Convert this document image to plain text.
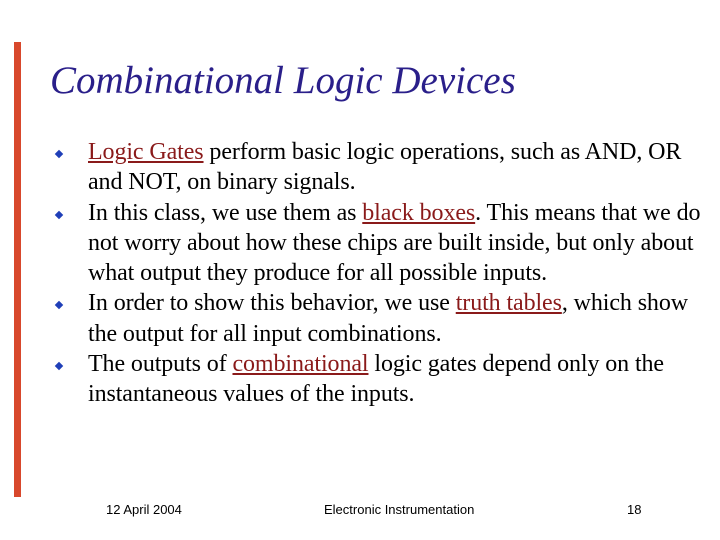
Combinational Logic Devices
Logic Gates perform basic logic operations, such as AND, OR and NOT, on binary signals.
In this class, we use them as black boxes. This means that we do not worry about how these chips are built inside, but only about what output they produce for all possible inputs.
In order to show this behavior, we use truth tables, which show the output for all input combinations.
The outputs of combinational logic gates depend only on the instantaneous values of the inputs.
12 April 2004	Electronic Instrumentation	18
